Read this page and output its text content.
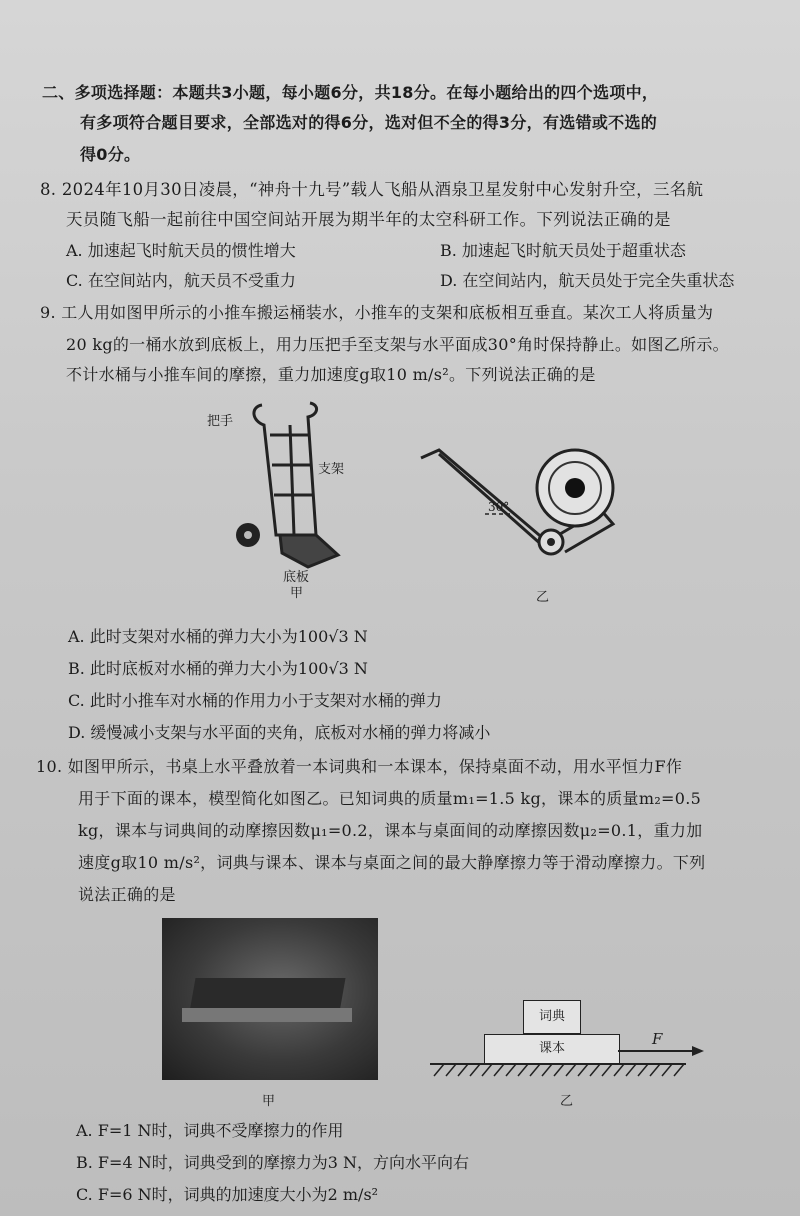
二、多项选择题：本题共3小题，每小题6分，共18分。在每小题给出的四个选项中，
有多项符合题目要求，全部选对的得6分，选对但不全的得3分，有选错或不选的
得0分。
8. 2024年10月30日凌晨，“神舟十九号”载人飞船从酒泉卫星发射中心发射升空，三名航
天员随飞船一起前往中国空间站开展为期半年的太空科研工作。下列说法正确的是
A. 加速起飞时航天员的惯性增大	B. 加速起飞时航天员处于超重状态
C. 在空间站内，航天员不受重力	D. 在空间站内，航天员处于完全失重状态
9. 工人用如图甲所示的小推车搬运桶装水，小推车的支架和底板相互垂直。某次工人将质量为
20 kg的一桶水放到底板上，用力压把手至支架与水平面成30°角时保持静止。如图乙所示。
不计水桶与小推车间的摩擦，重力加速度g取10 m/s²。下列说法正确的是
把手
支架
底板
甲
30°
乙
A. 此时支架对水桶的弹力大小为100√3 N
B. 此时底板对水桶的弹力大小为100√3 N
C. 此时小推车对水桶的作用力小于支架对水桶的弹力
D. 缓慢减小支架与水平面的夹角，底板对水桶的弹力将减小
10. 如图甲所示，书桌上水平叠放着一本词典和一本课本，保持桌面不动，用水平恒力F作
用于下面的课本，模型简化如图乙。已知词典的质量m₁=1.5 kg，课本的质量m₂=0.5
kg，课本与词典间的动摩擦因数μ₁=0.2，课本与桌面间的动摩擦因数μ₂=0.1，重力加
速度g取10 m/s²，词典与课本、课本与桌面之间的最大静摩擦力等于滑动摩擦力。下列
说法正确的是
甲
课本
词典
F
乙
A. F=1 N时，词典不受摩擦力的作用
B. F=4 N时，词典受到的摩擦力为3 N，方向水平向右
C. F=6 N时，词典的加速度大小为2 m/s²
